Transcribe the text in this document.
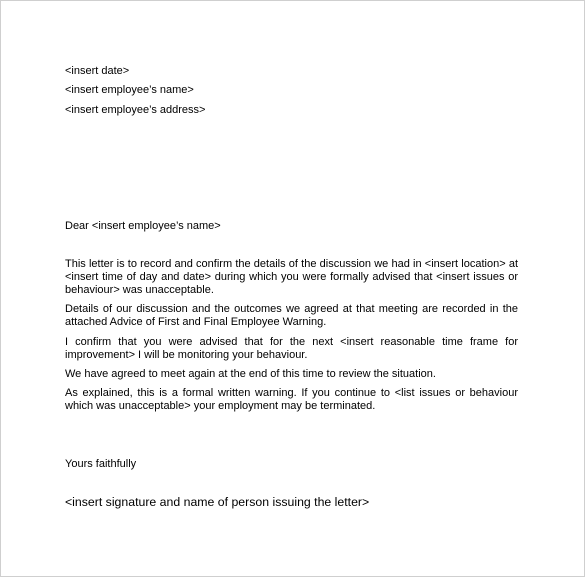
<insert date>
<insert employee’s name>
<insert employee’s address>
Dear <insert employee’s name>

This letter is to record and confirm the details of the discussion we had in <insert location> at <insert time of day and date> during which you were formally advised that <insert issues or behaviour> was unacceptable.

Details of our discussion and the outcomes we agreed at that meeting are recorded in the attached Advice of First and Final Employee Warning.

I confirm that you were advised that for the next <insert reasonable time frame for improvement> I will be monitoring your behaviour.

We have agreed to meet again at the end of this time to review the situation.

As explained, this is a formal written warning. If you continue to <list issues or behaviour which was unacceptable> your employment may be terminated.

Yours faithfully
<insert signature and name of person issuing the letter>
